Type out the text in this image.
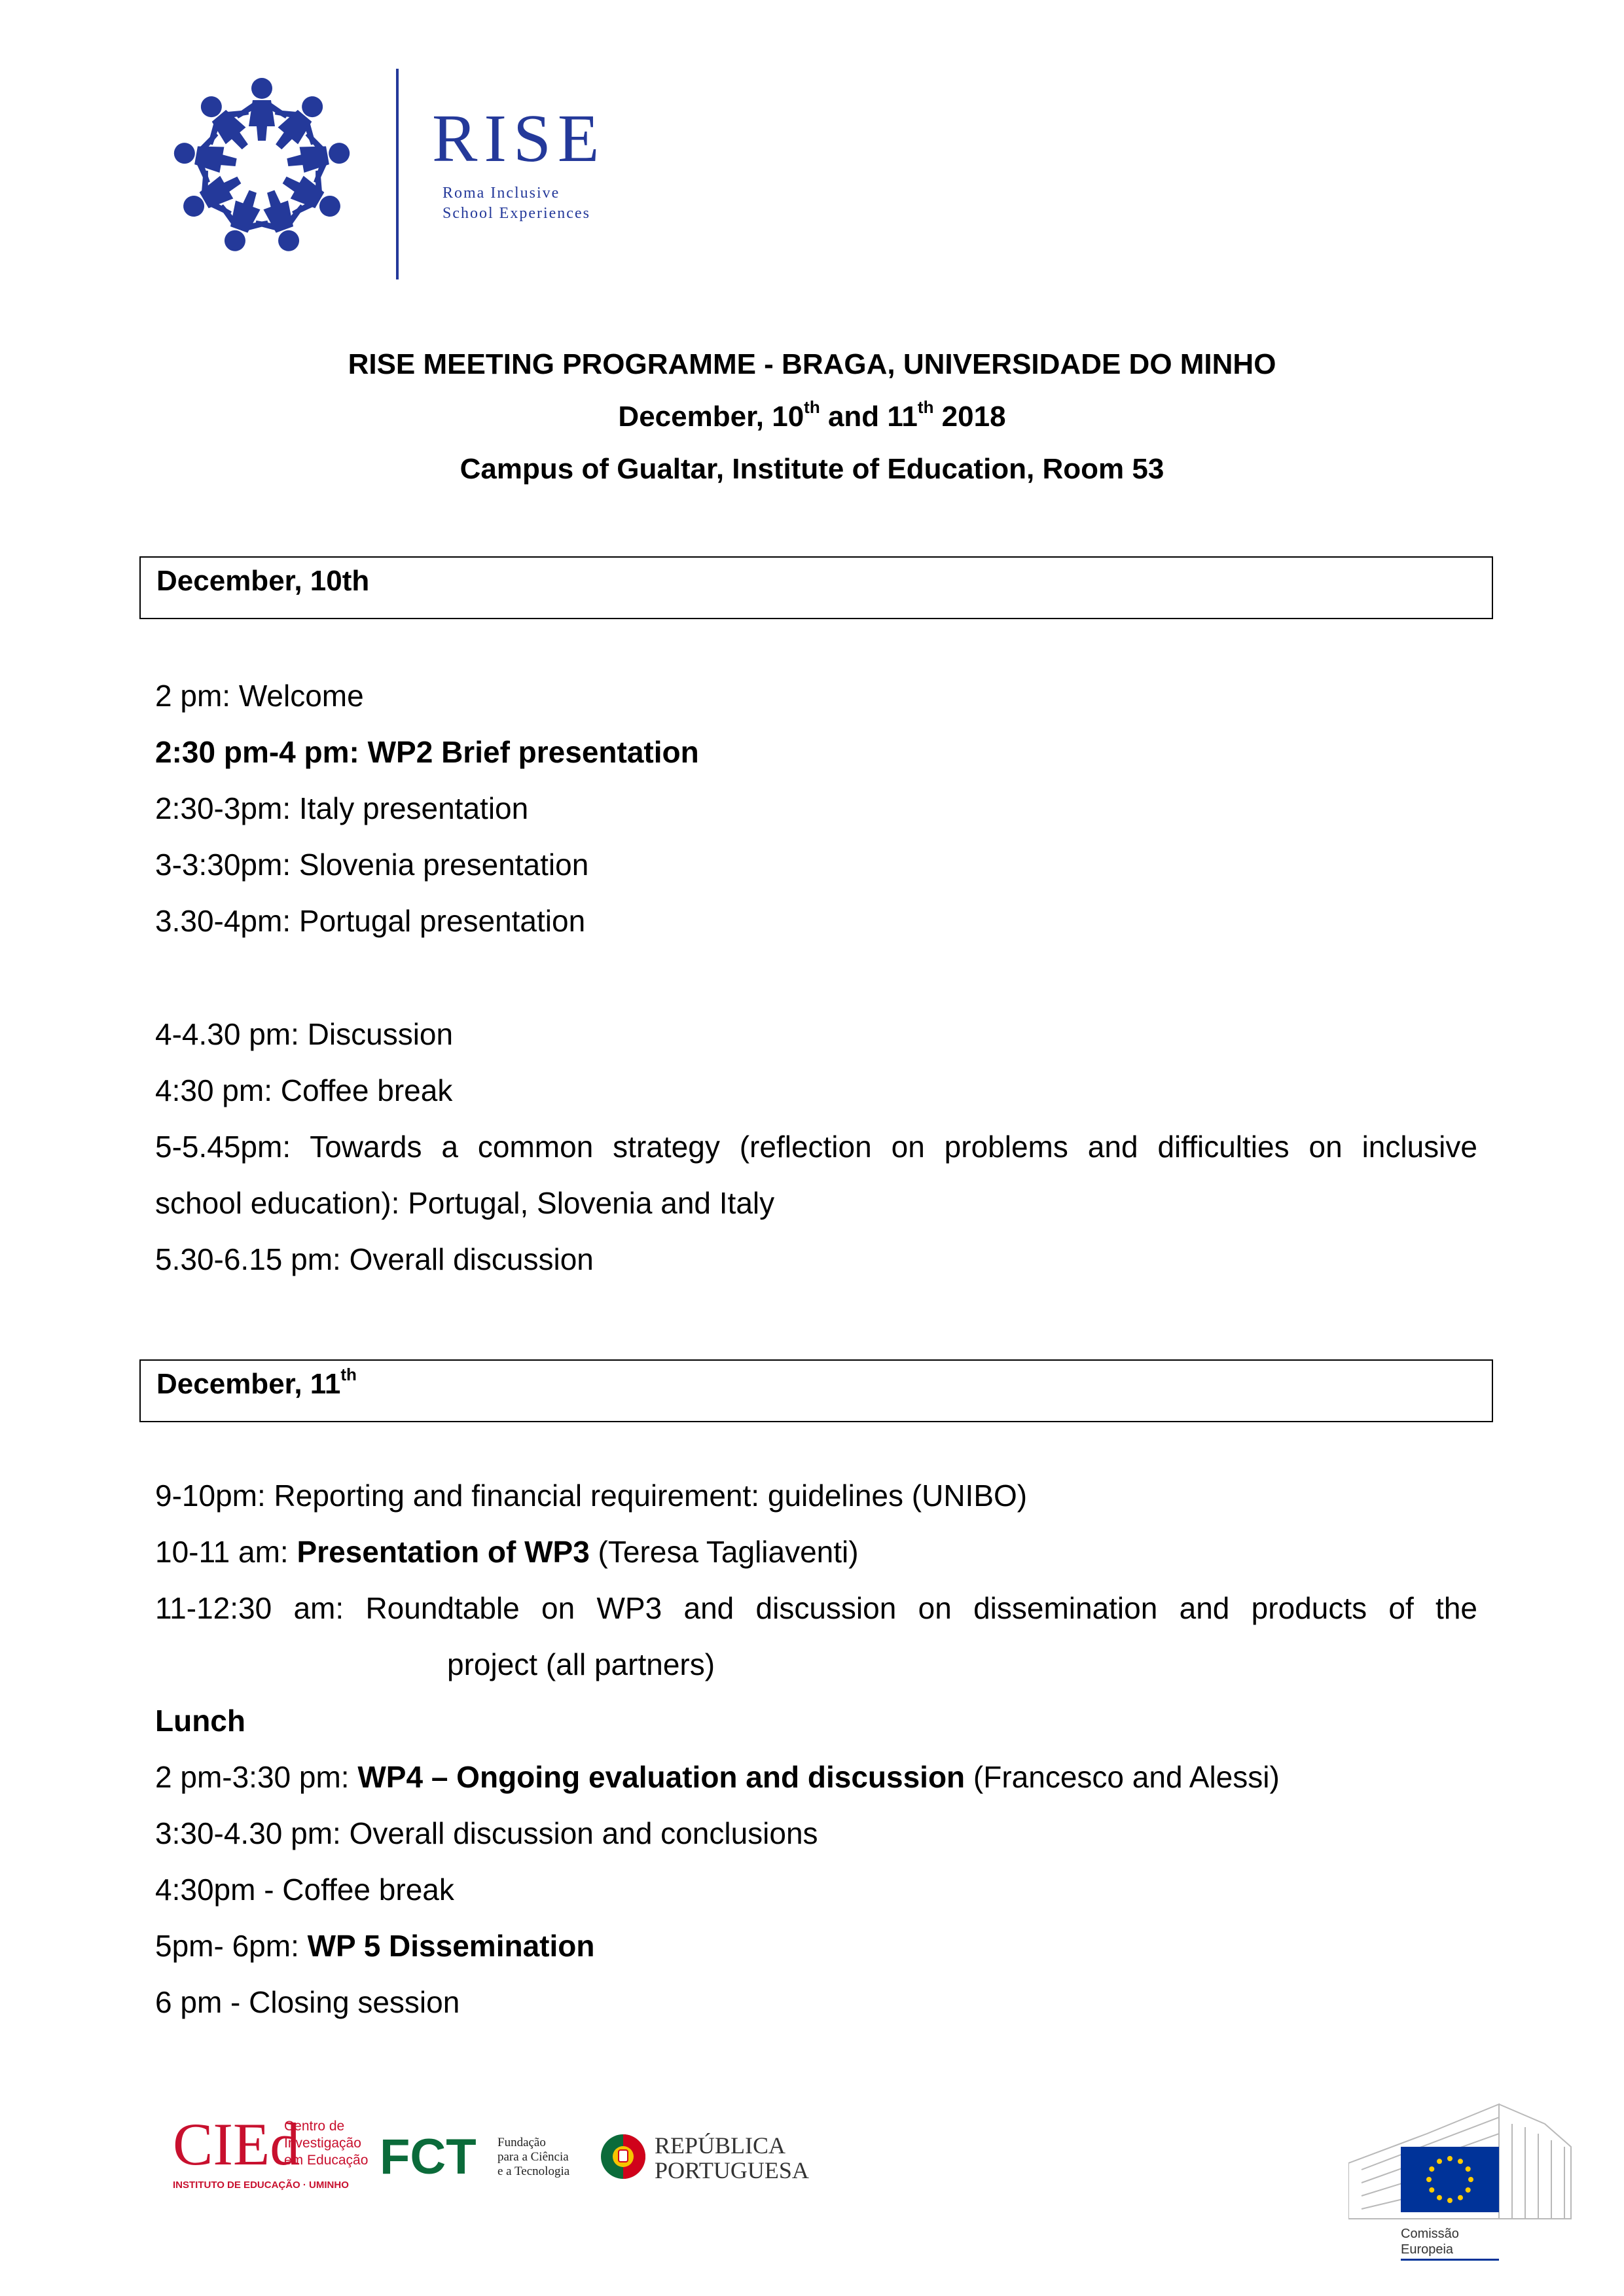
RISE
Roma Inclusive
School Experiences
RISE MEETING PROGRAMME - BRAGA, UNIVERSIDADE DO MINHO
December, 10th and 11th 2018
Campus of Gualtar, Institute of Education, Room 53
December, 10th
2 pm: Welcome
2:30 pm-4 pm: WP2 Brief presentation
2:30-3pm: Italy presentation
3-3:30pm: Slovenia presentation
3.30-4pm: Portugal presentation
4-4.30 pm: Discussion
4:30 pm: Coffee break
5-5.45pm: Towards a common strategy (reflection on problems and difficulties on inclusive
school education): Portugal, Slovenia and Italy
5.30-6.15 pm: Overall discussion
December, 11th
9-10pm: Reporting and financial requirement: guidelines (UNIBO)
10-11 am: Presentation of WP3 (Teresa Tagliaventi)
11-12:30 am: Roundtable on WP3 and discussion on dissemination and products of the
project (all partners)
Lunch
2 pm-3:30 pm: WP4 – Ongoing evaluation and discussion (Francesco and Alessi)
3:30-4.30 pm: Overall discussion and conclusions
4:30pm - Coffee break
5pm- 6pm: WP 5 Dissemination
6 pm - Closing session
CIEd
Centro de
Investigação
em Educação
INSTITUTO DE EDUCAÇÃO · UMINHO
FCT Fundação
para a Ciência
e a Tecnologia
REPÚBLICA
PORTUGUESA
Comissão
Europeia
